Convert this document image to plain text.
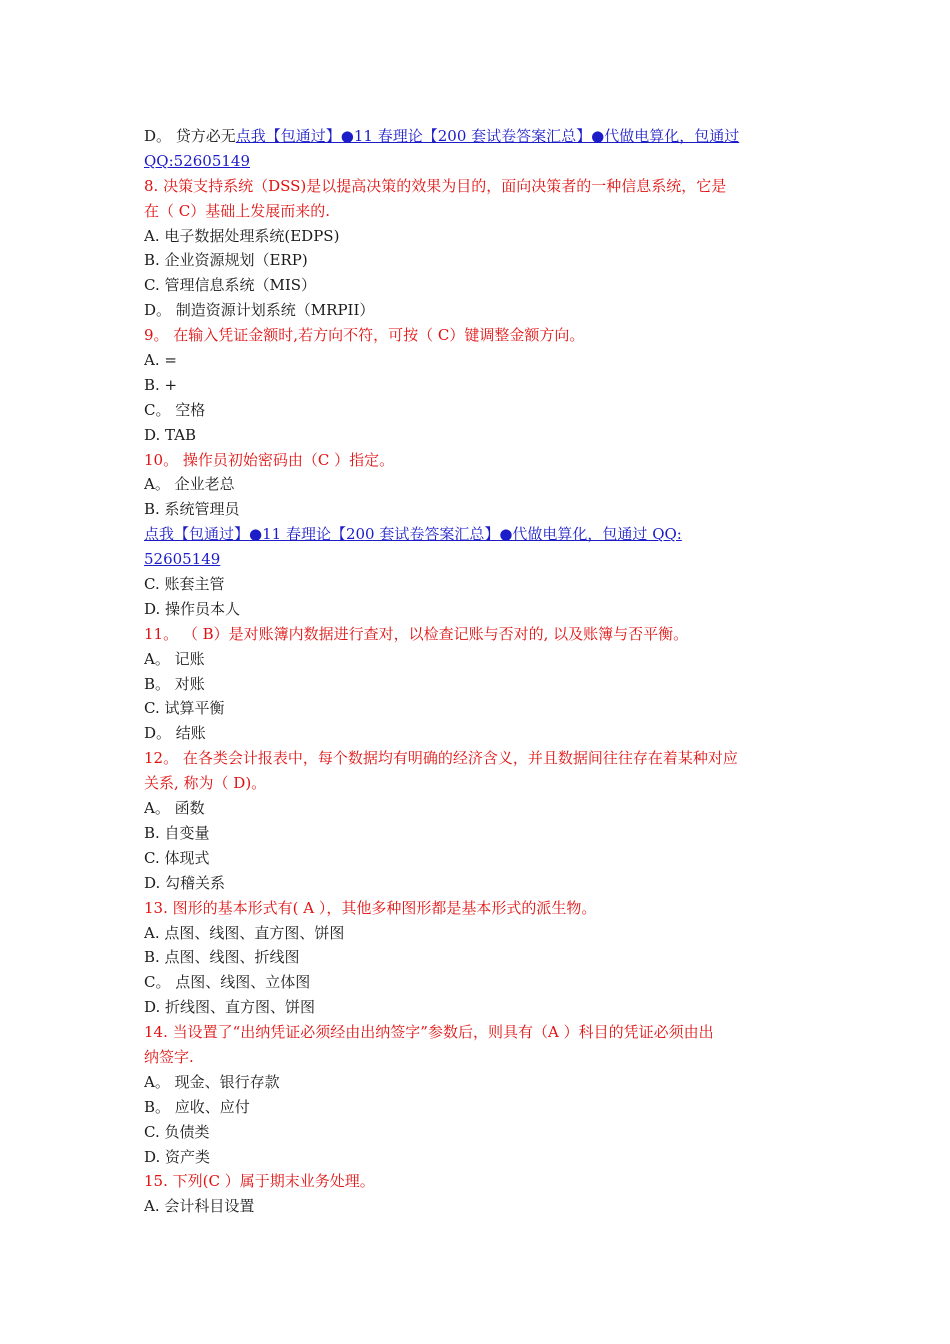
D。 贷方必无点我【包通过】●11 春理论【200 套试卷答案汇总】●代做电算化，包通过
QQ:52605149
8. 决策支持系统（DSS)是以提高决策的效果为目的，面向决策者的一种信息系统，它是
在（ C）基础上发展而来的.
A. 电子数据处理系统(EDPS)
B. 企业资源规划（ERP)
C. 管理信息系统（MIS）
D。 制造资源计划系统（MRPII）
9。 在输入凭证金额时,若方向不符，可按（ C）键调整金额方向。
A. =
B. +
C。 空格
D. TAB
10。 操作员初始密码由（C ）指定。
A。 企业老总
B. 系统管理员
点我【包通过】●11 春理论【200 套试卷答案汇总】●代做电算化，包通过 QQ:
52605149
C. 账套主管
D. 操作员本人
11。 （ B）是对账簿内数据进行查对，以检查记账与否对的, 以及账簿与否平衡。
A。 记账
B。 对账
C. 试算平衡
D。 结账
12。 在各类会计报表中，每个数据均有明确的经济含义，并且数据间往往存在着某种对应
关系, 称为（ D)。
A。 函数
B. 自变量
C. 体现式
D. 勾稽关系
13. 图形的基本形式有( A ），其他多种图形都是基本形式的派生物。
A. 点图、线图、直方图、饼图
B. 点图、线图、折线图
C。 点图、线图、立体图
D. 折线图、直方图、饼图
14. 当设置了“出纳凭证必须经由出纳签字”参数后，则具有（A ）科目的凭证必须由出
纳签字.
A。 现金、银行存款
B。 应收、应付
C. 负债类
D. 资产类
15. 下列(C ）属于期末业务处理。
A. 会计科目设置
